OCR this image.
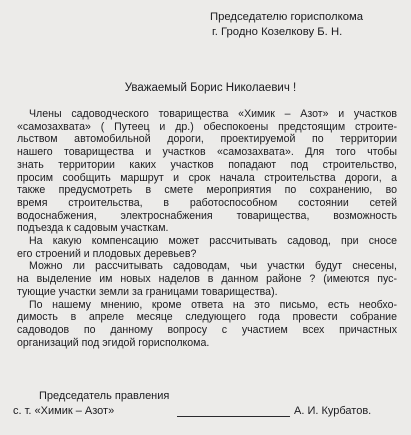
Председателю горисполкома
г. Гродно Козелкову Б. Н.
Уважаемый Борис Николаевич !
Члены садоводческого товарищества «Химик – Азот» и участков
«самозахвата» ( Путеец и др.) обеспокоены предстоящим строите-
льством автомобильной дороги, проектируемой по территории
нашего товарищества и участков «самозахвата». Для того чтобы
знать территории каких участков попадают под строительство,
просим сообщить маршрут и срок начала строительства дороги, а
также предусмотреть в смете мероприятия по сохранению, во
время строительства, в работоспособном состоянии сетей
водоснабжения, электроснабжения товарищества, возможность
подъезда к садовым участкам.
На какую компенсацию может рассчитывать садовод, при сносе
его строений и плодовых деревьев?
Можно ли рассчитывать садоводам, чьи участки будут снесены,
на выделение им новых наделов в данном районе ? (имеются пус-
тующие участки земли за границами товарищества).
По нашему мнению, кроме ответа на это письмо, есть необхо-
димость в апреле месяце следующего года провести собрание
садоводов по данному вопросу с участием всех причастных
организаций под эгидой горисполкома.
Председатель правления
с. т. «Химик – Азот»	А. И. Курбатов.
